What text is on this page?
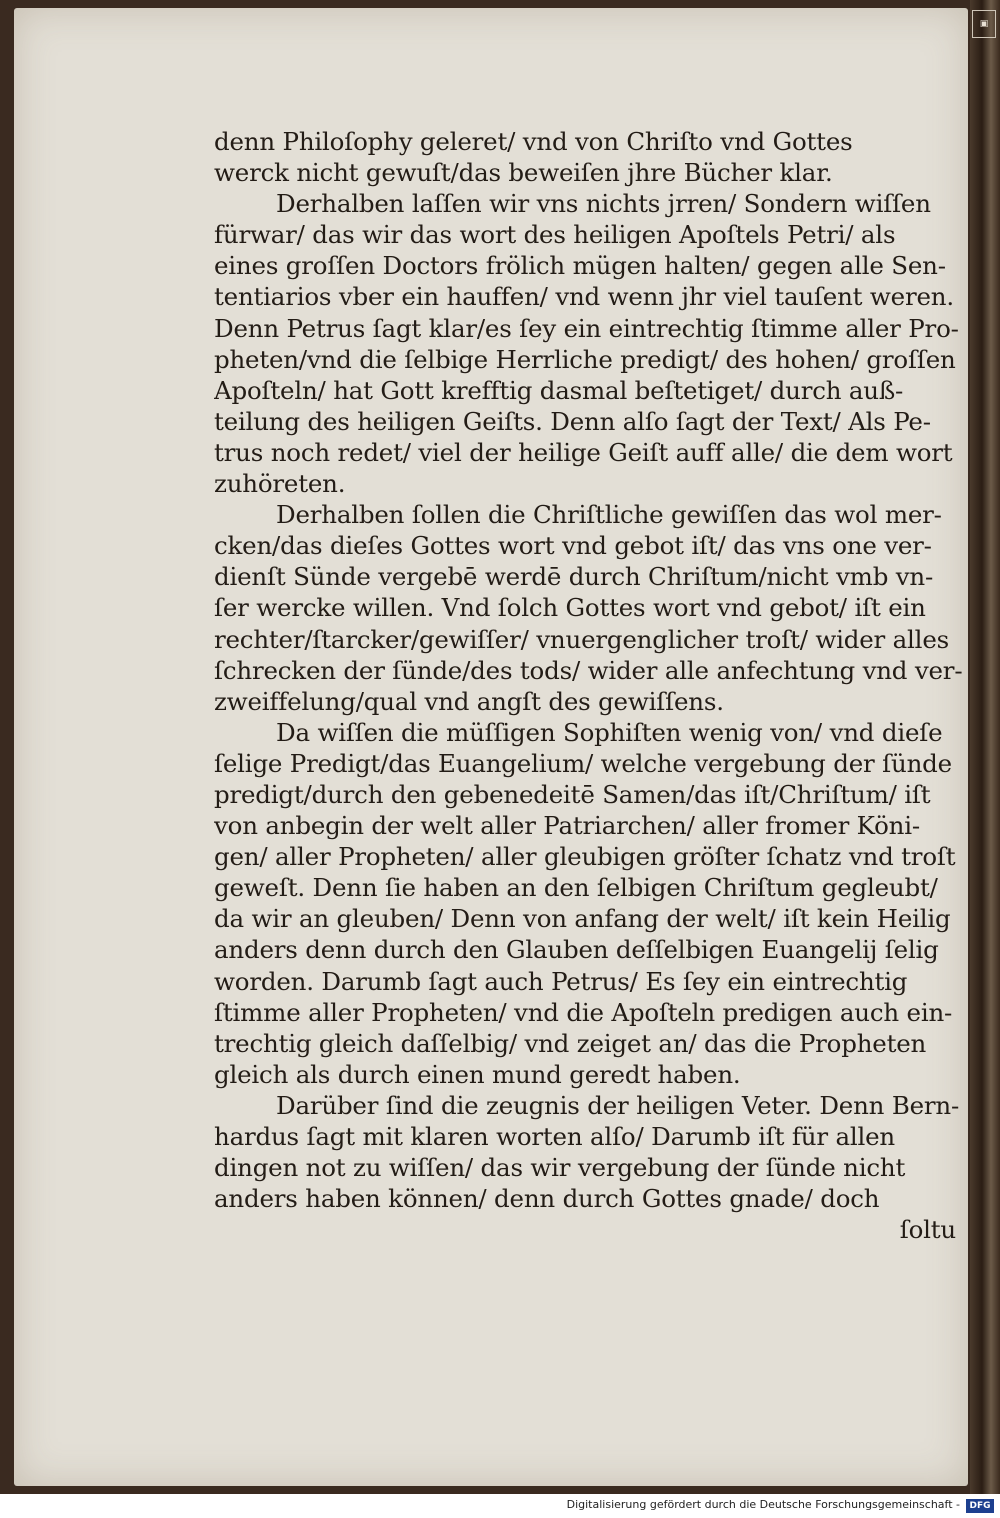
denn Philoſophy geleret/ vnd von Chriſto vnd Gottes
werck nicht gewuſt/das beweiſen jhre Bücher klar.
Derhalben laſſen wir vns nichts jrren/ Sondern wiſſen
fürwar/ das wir das wort des heiligen Apoſtels Petri/ als
eines groſſen Doctors frölich mügen halten/ gegen alle Sen-
tentiarios vber ein hauffen/ vnd wenn jhr viel tauſent weren.
Denn Petrus ſagt klar/es ſey ein eintrechtig ſtimme aller Pro-
pheten/vnd die ſelbige Herrliche predigt/ des hohen/ groſſen
Apoſteln/ hat Gott krefftig dasmal beſtetiget/ durch auß-
teilung des heiligen Geiſts. Denn alſo ſagt der Text/ Als Pe-
trus noch redet/ viel der heilige Geiſt auff alle/ die dem wort
zuhöreten.
Derhalben ſollen die Chriſtliche gewiſſen das wol mer-
cken/das dieſes Gottes wort vnd gebot iſt/ das vns one ver-
dienſt Sünde vergebē werdē durch Chriſtum/nicht vmb vn-
ſer wercke willen. Vnd ſolch Gottes wort vnd gebot/ iſt ein
rechter/ſtarcker/gewiſſer/ vnuergenglicher troſt/ wider alles
ſchrecken der ſünde/des tods/ wider alle anfechtung vnd ver-
zweiffelung/qual vnd angſt des gewiſſens.
Da wiſſen die müſſigen Sophiſten wenig von/ vnd dieſe
ſelige Predigt/das Euangelium/ welche vergebung der ſünde
predigt/durch den gebenedeitē Samen/das iſt/Chriſtum/ iſt
von anbegin der welt aller Patriarchen/ aller fromer Köni-
gen/ aller Propheten/ aller gleubigen gröſter ſchatz vnd troſt
geweſt. Denn ſie haben an den ſelbigen Chriſtum gegleubt/
da wir an gleuben/ Denn von anfang der welt/ iſt kein Heilig
anders denn durch den Glauben deſſelbigen Euangelij ſelig
worden. Darumb ſagt auch Petrus/ Es ſey ein eintrechtig
ſtimme aller Propheten/ vnd die Apoſteln predigen auch ein-
trechtig gleich daſſelbig/ vnd zeiget an/ das die Propheten
gleich als durch einen mund geredt haben.
Darüber ſind die zeugnis der heiligen Veter. Denn Bern-
hardus ſagt mit klaren worten alſo/ Darumb iſt für allen
dingen not zu wiſſen/ das wir vergebung der ſünde nicht
anders haben können/ denn durch Gottes gnade/ doch
ſoltu
▣
Digitalisierung gefördert durch die Deutsche Forschungsgemeinschaft -	DFG
